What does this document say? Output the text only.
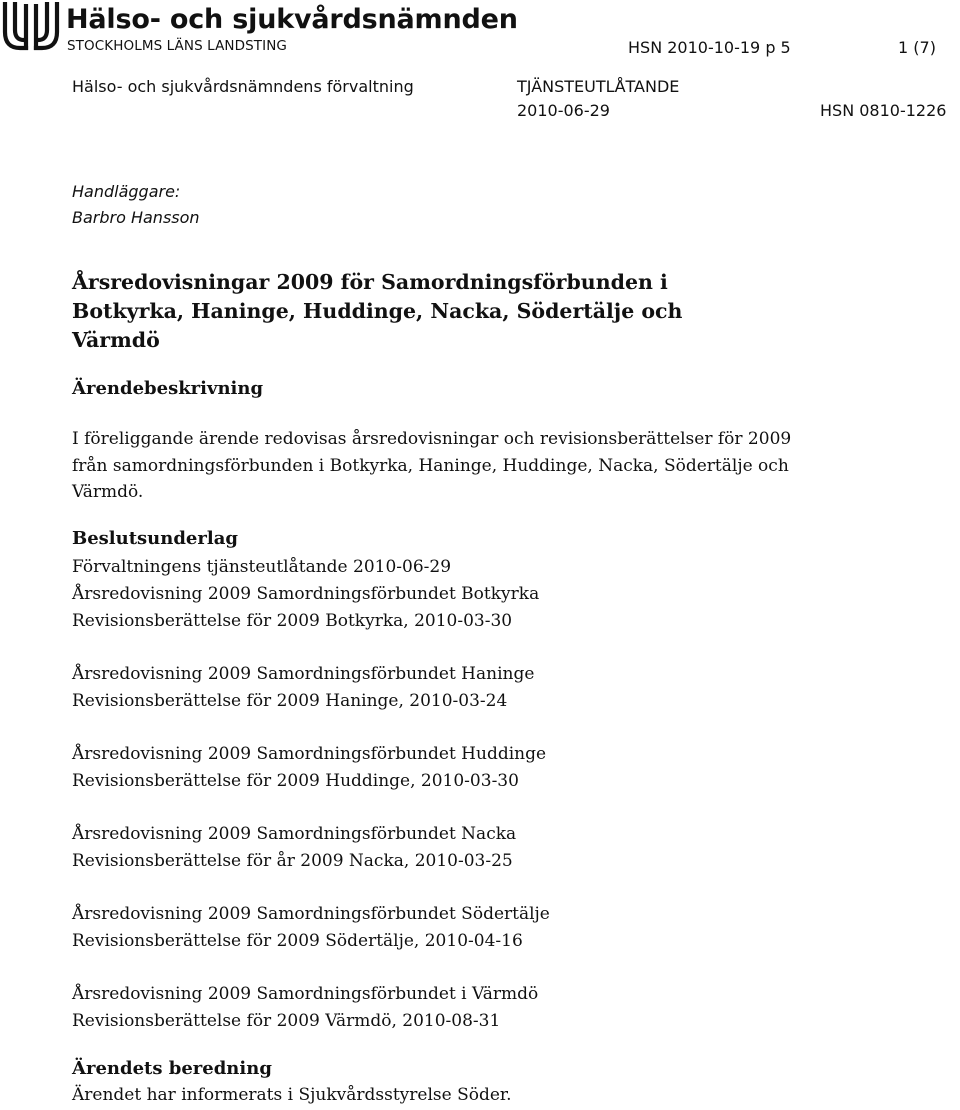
Hälso- och sjukvårdsnämnden
STOCKHOLMS LÄNS LANDSTING	HSN 2010-10-19 p 5	1 (7)
Hälso- och sjukvårdsnämndens förvaltning	TJÄNSTEUTLÅTANDE
2010-06-29	HSN 0810-1226
Handläggare:
Barbro Hansson
Årsredovisningar 2009 för Samordningsförbunden i Botkyrka, Haninge, Huddinge, Nacka, Södertälje och Värmdö
Ärendebeskrivning
I föreliggande ärende redovisas årsredovisningar och revisionsberättelser för 2009 från samordningsförbunden i Botkyrka, Haninge, Huddinge, Nacka, Södertälje och Värmdö.
Beslutsunderlag
Förvaltningens tjänsteutlåtande 2010-06-29
Årsredovisning 2009 Samordningsförbundet Botkyrka
Revisionsberättelse för 2009 Botkyrka, 2010-03-30
Årsredovisning 2009 Samordningsförbundet Haninge
Revisionsberättelse för 2009 Haninge, 2010-03-24
Årsredovisning 2009 Samordningsförbundet Huddinge
Revisionsberättelse för 2009 Huddinge, 2010-03-30
Årsredovisning 2009 Samordningsförbundet Nacka
Revisionsberättelse för år 2009 Nacka, 2010-03-25
Årsredovisning 2009 Samordningsförbundet Södertälje
Revisionsberättelse för 2009 Södertälje, 2010-04-16
Årsredovisning 2009 Samordningsförbundet i Värmdö
Revisionsberättelse för 2009 Värmdö, 2010-08-31
Ärendets beredning
Ärendet har informerats i Sjukvårdsstyrelse Söder.
